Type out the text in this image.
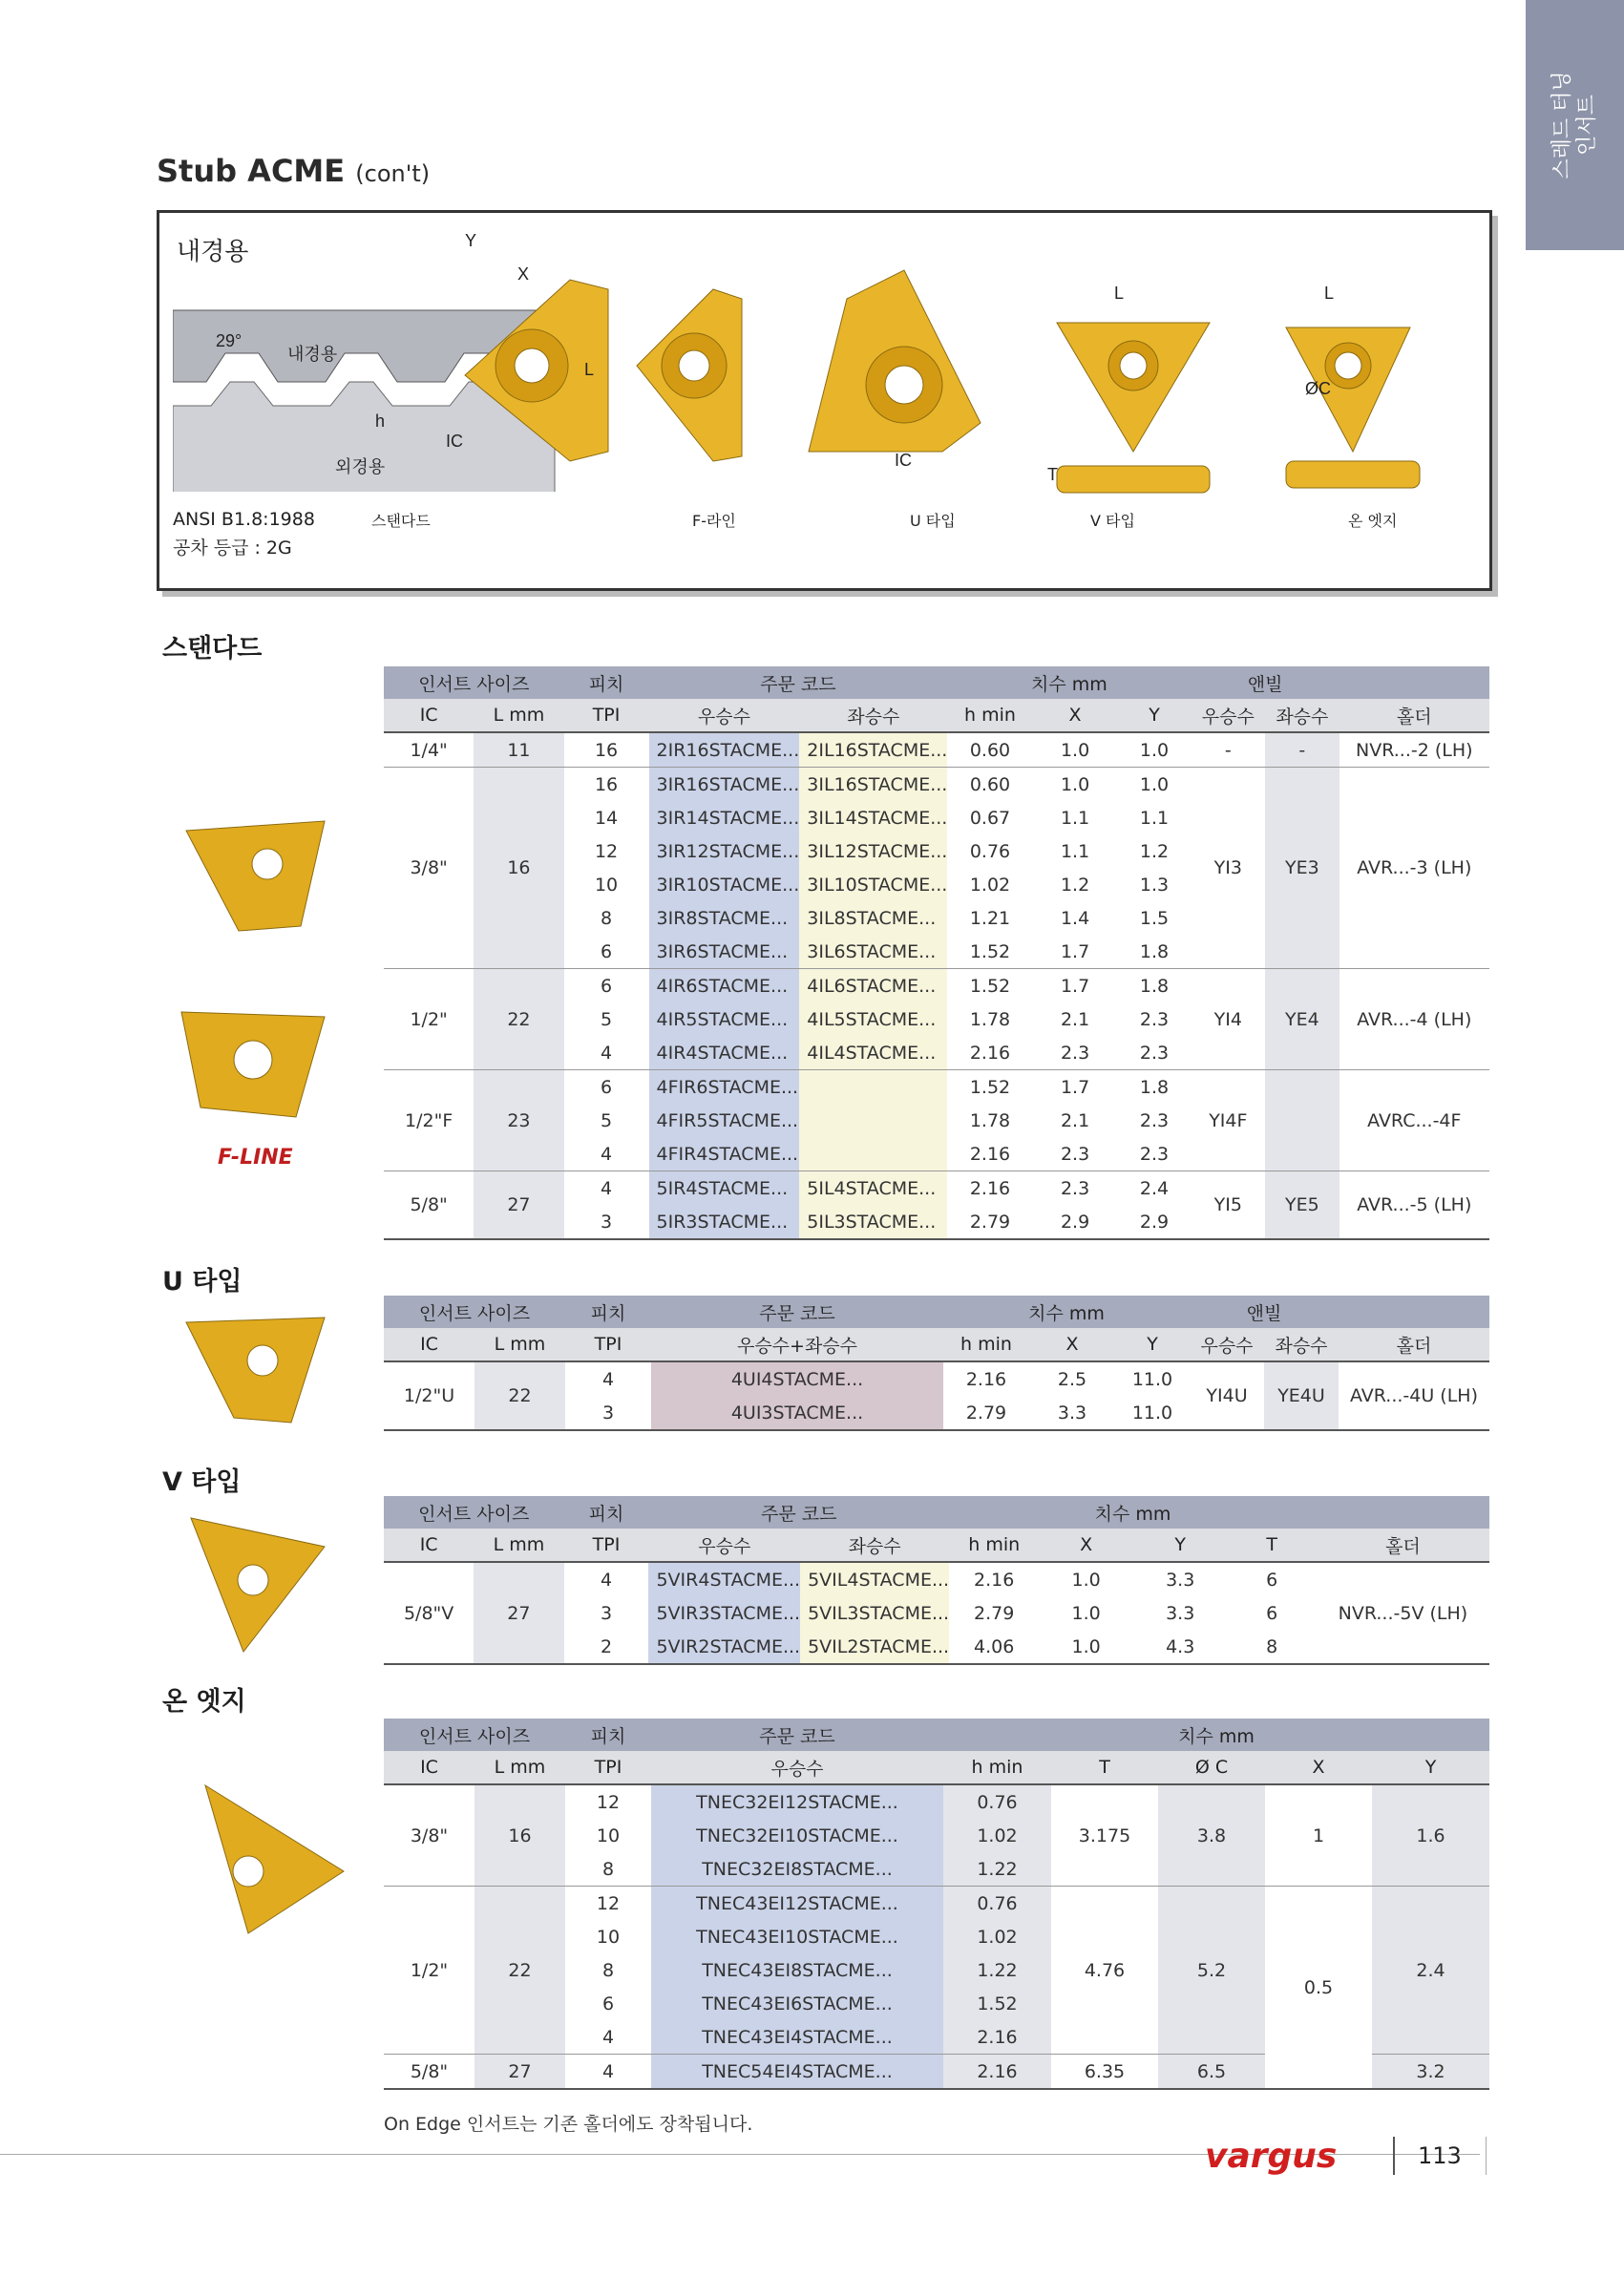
스레드 터닝 인서트
Stub ACME (con't)
내경용
29°
내경용
h
외경용
ANSI B1.8:1988
공차 등급 : 2G
Y
X
L
IC
IC
L
T
L
ØC
스탠다드	F-라인	U 타입	V 타입	온 엣지
스탠다드
F-LINE
인서트 사이즈		피치	주문 코드		치수 mm			앤빌		
IC	L mm	TPI	우승수	좌승수	h min	X	Y	우승수	좌승수	홀더
1/4"	11	16	2IR16STACME...	2IL16STACME...	0.60	1.0	1.0	-	-	NVR...-2 (LH)
3/8"	16	16	3IR16STACME...	3IL16STACME...	0.60	1.0	1.0	YI3	YE3	AVR...-3 (LH)
		14	3IR14STACME...	3IL14STACME...	0.67	1.1	1.1			
		12	3IR12STACME...	3IL12STACME...	0.76	1.1	1.2			
		10	3IR10STACME...	3IL10STACME...	1.02	1.2	1.3			
		8	3IR8STACME...	3IL8STACME...	1.21	1.4	1.5			
		6	3IR6STACME...	3IL6STACME...	1.52	1.7	1.8			
1/2"	22	6	4IR6STACME...	4IL6STACME...	1.52	1.7	1.8	YI4	YE4	AVR...-4 (LH)
		5	4IR5STACME...	4IL5STACME...	1.78	2.1	2.3			
		4	4IR4STACME...	4IL4STACME...	2.16	2.3	2.3			
1/2"F	23	6	4FIR6STACME...		1.52	1.7	1.8	YI4F		AVRC...-4F
		5	4FIR5STACME...		1.78	2.1	2.3			
		4	4FIR4STACME...		2.16	2.3	2.3			
5/8"	27	4	5IR4STACME...	5IL4STACME...	2.16	2.3	2.4	YI5	YE5	AVR...-5 (LH)
		3	5IR3STACME...	5IL3STACME...	2.79	2.9	2.9			
U 타입
인서트 사이즈		피치	주문 코드	치수 mm			앤빌		
IC	L mm	TPI	우승수+좌승수	h min	X	Y	우승수	좌승수	홀더
1/2"U	22	4	4UI4STACME...	2.16	2.5	11.0	YI4U	YE4U	AVR...-4U (LH)
		3	4UI3STACME...	2.79	3.3	11.0			
V 타입
인서트 사이즈		피치	주문 코드		치수 mm				
IC	L mm	TPI	우승수	좌승수	h min	X	Y	T	홀더
5/8"V	27	4	5VIR4STACME...	5VIL4STACME...	2.16	1.0	3.3	6	NVR...-5V (LH)
		3	5VIR3STACME...	5VIL3STACME...	2.79	1.0	3.3	6	
		2	5VIR2STACME...	5VIL2STACME...	4.06	1.0	4.3	8	
온 엣지
인서트 사이즈		피치	주문 코드	치수 mm				
IC	L mm	TPI	우승수	h min	T	Ø C	X	Y
3/8"	16	12	TNEC32EI12STACME...	0.76	3.175	3.8	1	1.6
		10	TNEC32EI10STACME...	1.02				
		8	TNEC32EI8STACME...	1.22				
1/2"	22	12	TNEC43EI12STACME...	0.76	4.76	5.2	0.5	2.4
		10	TNEC43EI10STACME...	1.02				
		8	TNEC43EI8STACME...	1.22				
		6	TNEC43EI6STACME...	1.52				
		4	TNEC43EI4STACME...	2.16				
5/8"	27	4	TNEC54EI4STACME...	2.16	6.35	6.5		3.2
On Edge 인서트는 기존 홀더에도 장착됩니다.
vargus	113
